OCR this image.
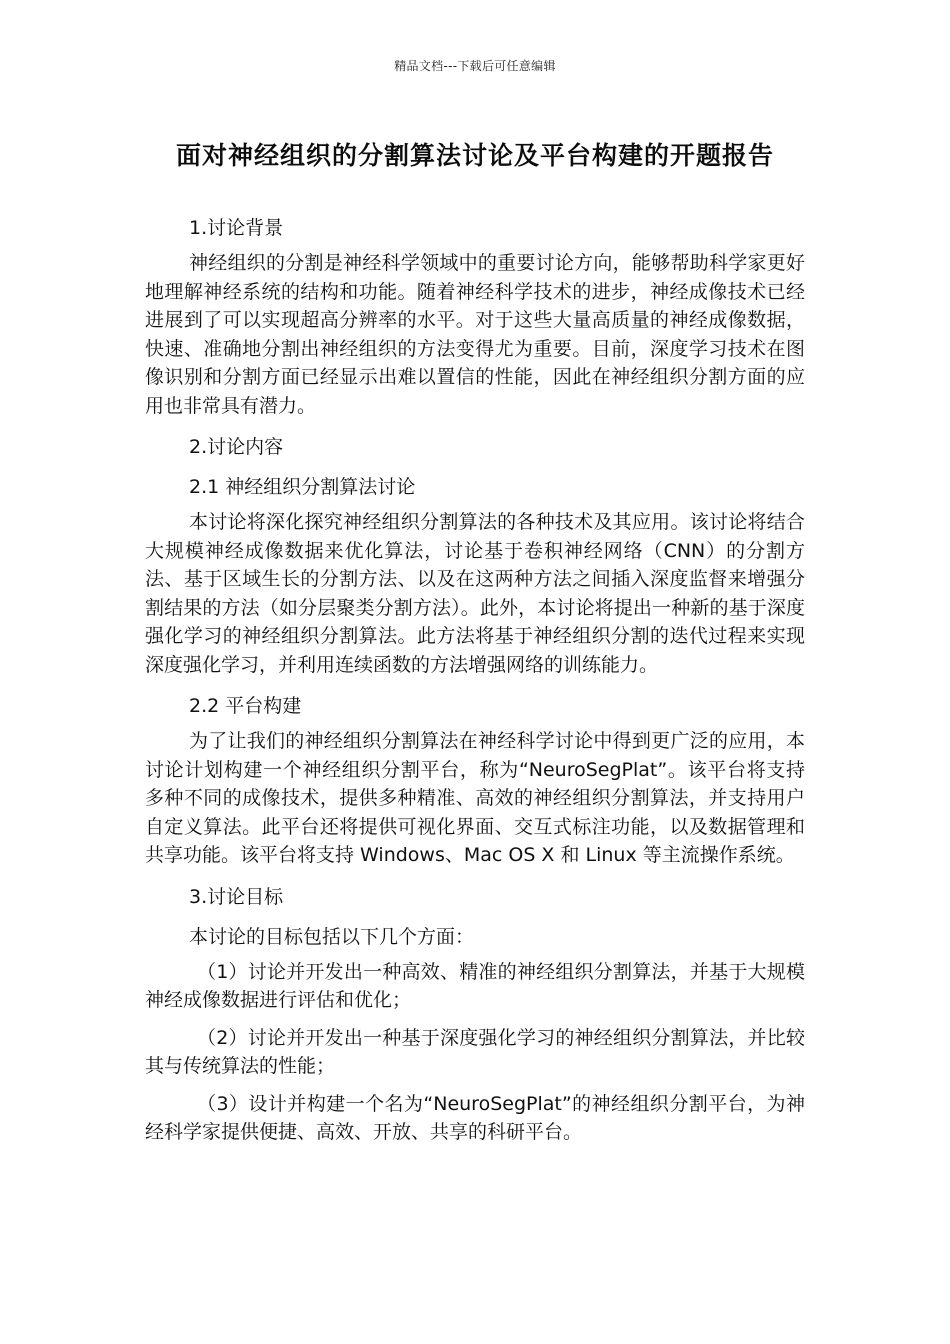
精品文档---下载后可任意编辑
面对神经组织的分割算法讨论及平台构建的开题报告
1.讨论背景

神经组织的分割是神经科学领域中的重要讨论方向，能够帮助科学家更好地理解神经系统的结构和功能。随着神经科学技术的进步，神经成像技术已经进展到了可以实现超高分辨率的水平。对于这些大量高质量的神经成像数据，快速、准确地分割出神经组织的方法变得尤为重要。目前，深度学习技术在图像识别和分割方面已经显示出难以置信的性能，因此在神经组织分割方面的应用也非常具有潜力。

2.讨论内容
2.1 神经组织分割算法讨论

本讨论将深化探究神经组织分割算法的各种技术及其应用。该讨论将结合大规模神经成像数据来优化算法，讨论基于卷积神经网络（CNN）的分割方法、基于区域生长的分割方法、以及在这两种方法之间插入深度监督来增强分割结果的方法（如分层聚类分割方法）。此外，本讨论将提出一种新的基于深度强化学习的神经组织分割算法。此方法将基于神经组织分割的迭代过程来实现深度强化学习，并利用连续函数的方法增强网络的训练能力。

2.2 平台构建

为了让我们的神经组织分割算法在神经科学讨论中得到更广泛的应用，本讨论计划构建一个神经组织分割平台，称为“NeuroSegPlat”。该平台将支持多种不同的成像技术，提供多种精准、高效的神经组织分割算法，并支持用户自定义算法。此平台还将提供可视化界面、交互式标注功能，以及数据管理和共享功能。该平台将支持 Windows、Mac OS X 和 Linux 等主流操作系统。

3.讨论目标
本讨论的目标包括以下几个方面：

（1）讨论并开发出一种高效、精准的神经组织分割算法，并基于大规模神经成像数据进行评估和优化；

（2）讨论并开发出一种基于深度强化学习的神经组织分割算法，并比较其与传统算法的性能；

（3）设计并构建一个名为“NeuroSegPlat”的神经组织分割平台，为神经科学家提供便捷、高效、开放、共享的科研平台。
